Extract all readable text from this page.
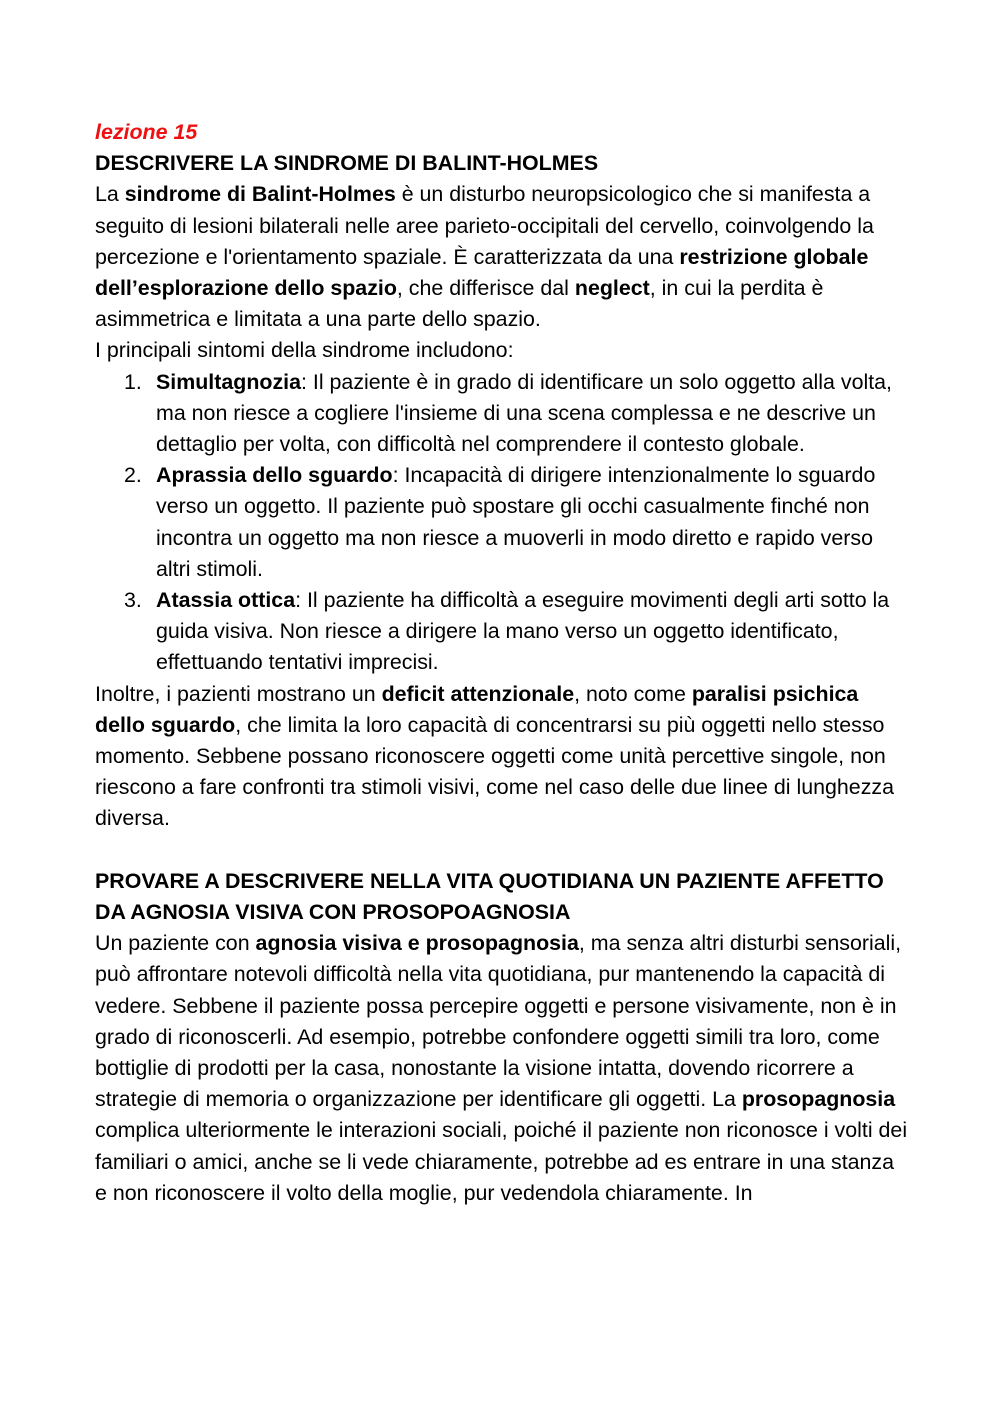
lezione 15

DESCRIVERE LA SINDROME DI BALINT-HOLMES

La sindrome di Balint-Holmes è un disturbo neuropsicologico che si manifesta a seguito di lesioni bilaterali nelle aree parieto-occipitali del cervello, coinvolgendo la percezione e l'orientamento spaziale. È caratterizzata da una restrizione globale dell’esplorazione dello spazio, che differisce dal neglect, in cui la perdita è asimmetrica e limitata a una parte dello spazio.

I principali sintomi della sindrome includono:

1. Simultagnozia: Il paziente è in grado di identificare un solo oggetto alla volta, ma non riesce a cogliere l'insieme di una scena complessa e ne descrive un dettaglio per volta, con difficoltà nel comprendere il contesto globale.
2. Aprassia dello sguardo: Incapacità di dirigere intenzionalmente lo sguardo verso un oggetto. Il paziente può spostare gli occhi casualmente finché non incontra un oggetto ma non riesce a muoverli in modo diretto e rapido verso altri stimoli.
3. Atassia ottica: Il paziente ha difficoltà a eseguire movimenti degli arti sotto la guida visiva. Non riesce a dirigere la mano verso un oggetto identificato, effettuando tentativi imprecisi.

Inoltre, i pazienti mostrano un deficit attenzionale, noto come paralisi psichica dello sguardo, che limita la loro capacità di concentrarsi su più oggetti nello stesso momento. Sebbene possano riconoscere oggetti come unità percettive singole, non riescono a fare confronti tra stimoli visivi, come nel caso delle due linee di lunghezza diversa.

PROVARE A DESCRIVERE NELLA VITA QUOTIDIANA UN PAZIENTE AFFETTO DA AGNOSIA VISIVA CON PROSOPOAGNOSIA

Un paziente con agnosia visiva e prosopagnosia, ma senza altri disturbi sensoriali, può affrontare notevoli difficoltà nella vita quotidiana, pur mantenendo la capacità di vedere. Sebbene il paziente possa percepire oggetti e persone visivamente, non è in grado di riconoscerli. Ad esempio, potrebbe confondere oggetti simili tra loro, come bottiglie di prodotti per la casa, nonostante la visione intatta, dovendo ricorrere a strategie di memoria o organizzazione per identificare gli oggetti. La prosopagnosia complica ulteriormente le interazioni sociali, poiché il paziente non riconosce i volti dei familiari o amici, anche se li vede chiaramente, potrebbe ad es entrare in una stanza e non riconoscere il volto della moglie, pur vedendola chiaramente. In
